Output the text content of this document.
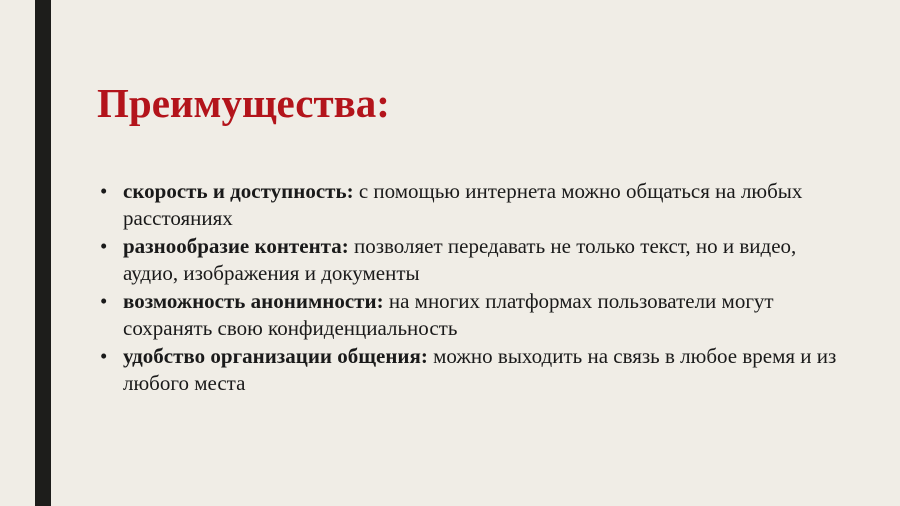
Преимущества:
• скорость и доступность: с помощью интернета можно общаться на любых расстояниях
• разнообразие контента: позволяет передавать не только текст, но и видео, аудио, изображения и документы
• возможность анонимности: на многих платформах пользователи могут сохранять свою конфиденциальность
• удобство организации общения: можно выходить на связь в любое время и из любого места
